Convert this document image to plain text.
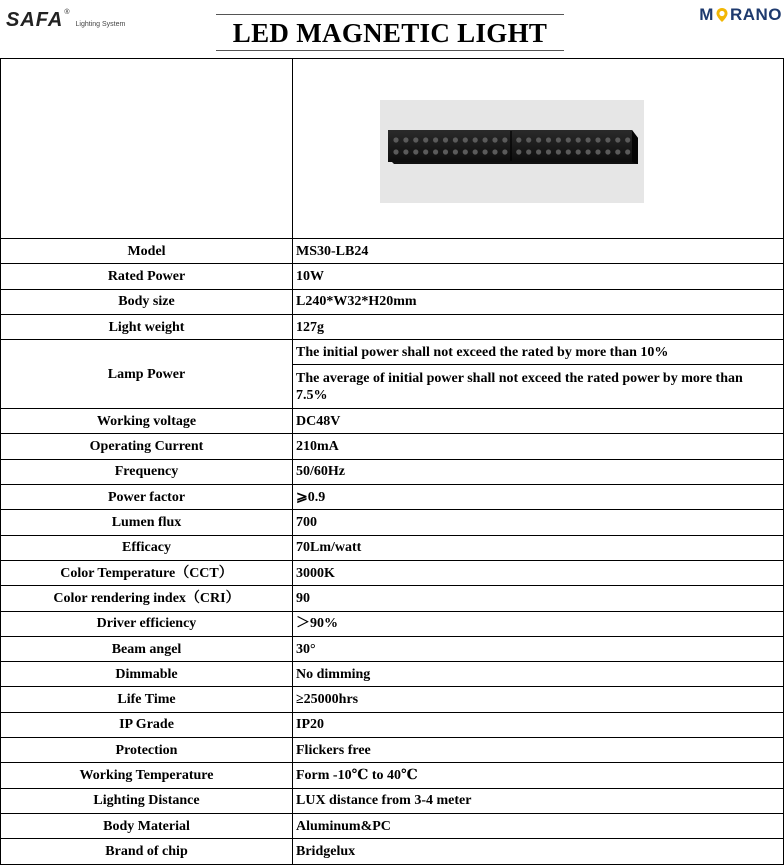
SAFA ®
Lighting System	LED MAGNETIC LIGHT
M RANO

Model	MS30-LB24
Rated Power	10W
Body size	L240*W32*H20mm
Light weight	127g
Lamp Power	The initial power shall not exceed the rated by more than 10%
	The average of initial power shall not exceed the rated power by more than 7.5%
Working voltage	DC48V
Operating Current	210mA
Frequency	50/60Hz
Power factor	⩾0.9
Lumen flux	700
Efficacy	70Lm/watt
Color Temperature（CCT）	3000K
Color rendering index（CRI）	90
Driver efficiency	＞90%
Beam angel	30°
Dimmable	No dimming
Life Time	≥25000hrs
IP Grade	IP20
Protection	Flickers free
Working Temperature	Form -10℃ to 40℃
Lighting Distance	LUX distance from 3-4 meter
Body Material	Aluminum&PC
Brand of chip	Bridgelux
